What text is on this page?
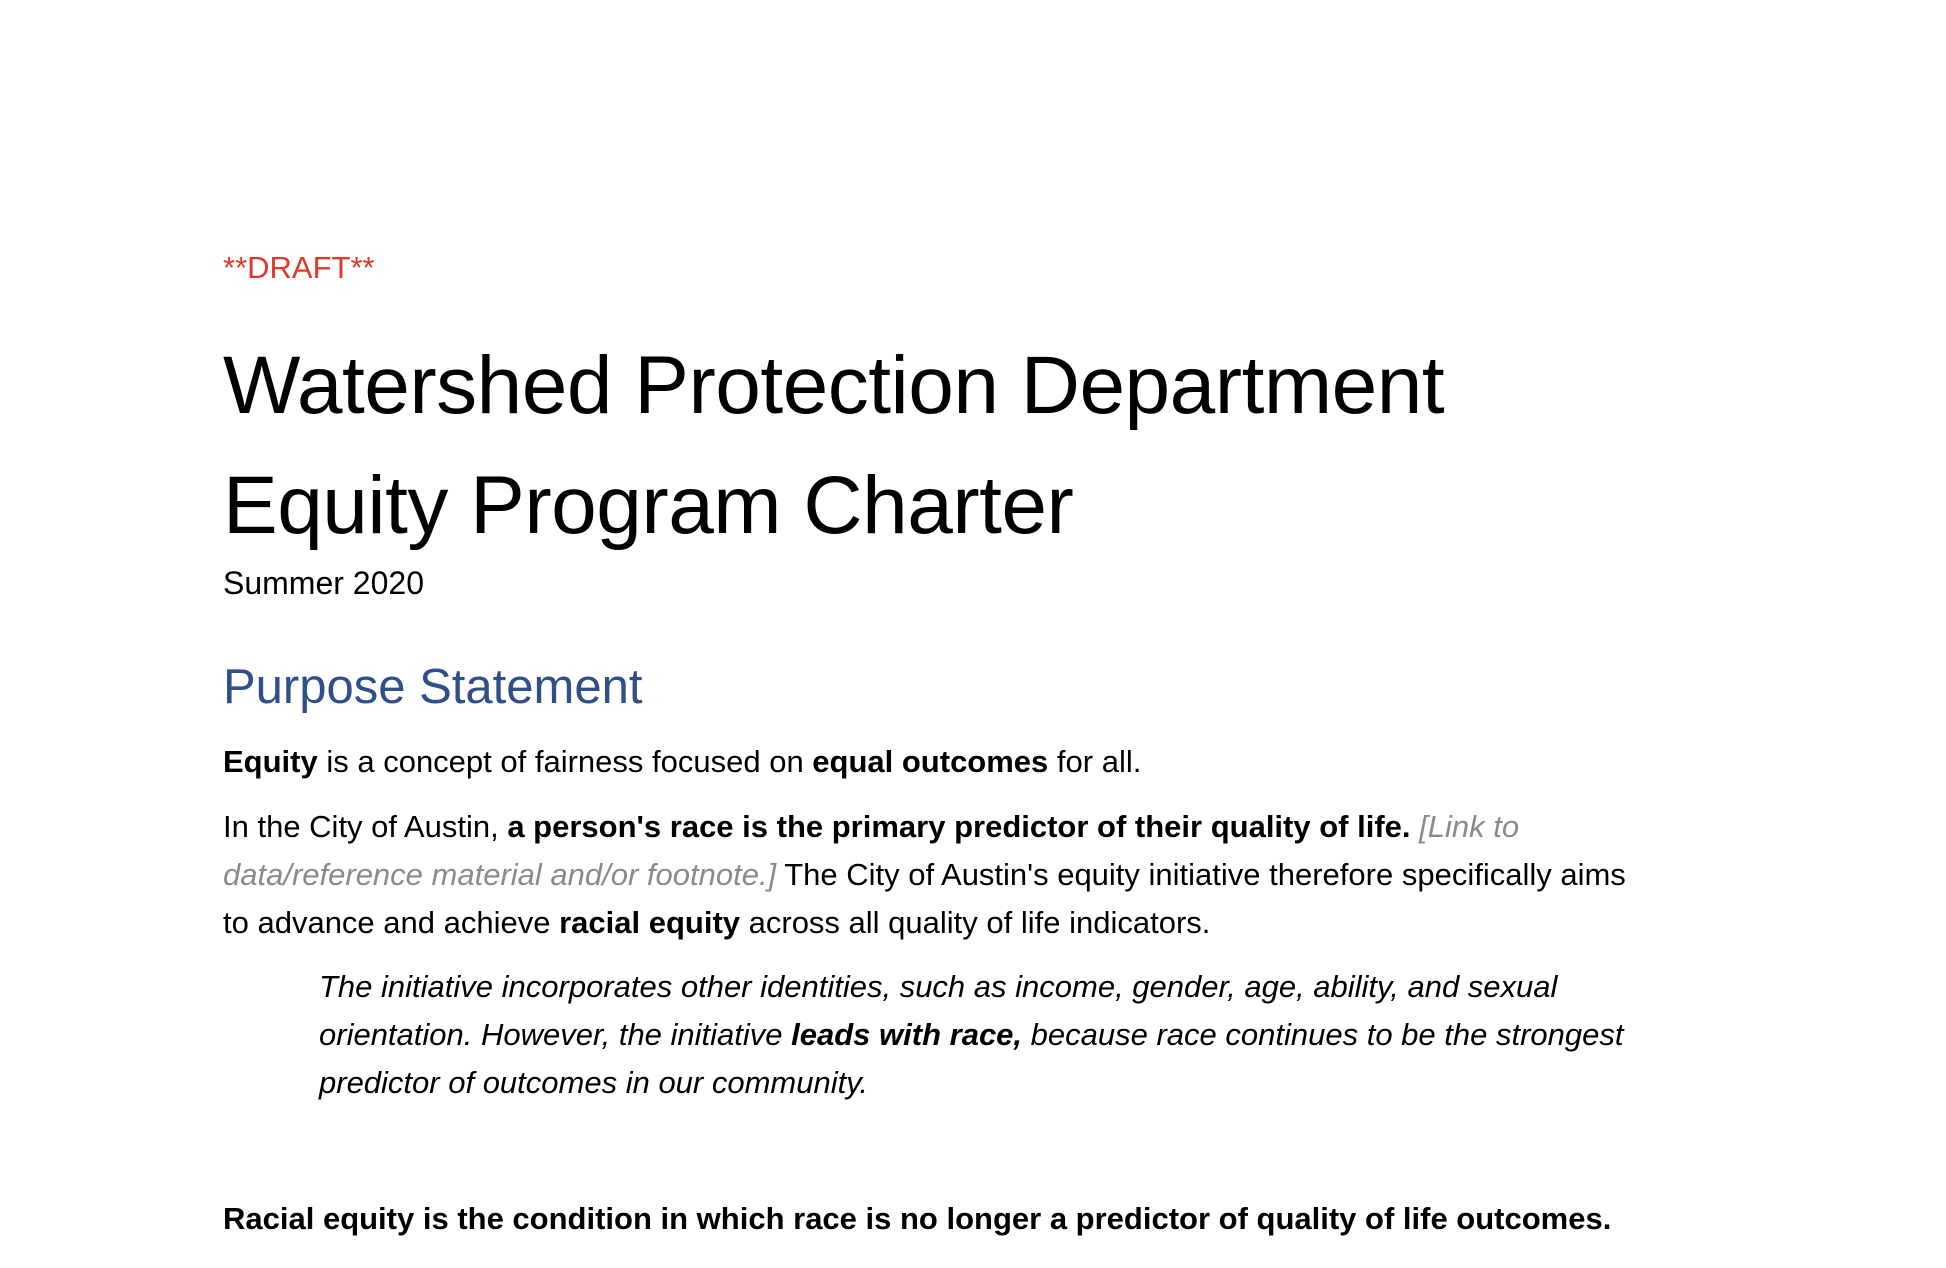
**DRAFT**
Watershed Protection Department
Equity Program Charter
Summer 2020
Purpose Statement
Equity is a concept of fairness focused on equal outcomes for all.
In the City of Austin, a person's race is the primary predictor of their quality of life. [Link to
data/reference material and/or footnote.] The City of Austin's equity initiative therefore specifically aims
to advance and achieve racial equity across all quality of life indicators.
The initiative incorporates other identities, such as income, gender, age, ability, and sexual
orientation. However, the initiative leads with race, because race continues to be the strongest
predictor of outcomes in our community.
Racial equity is the condition in which race is no longer a predictor of quality of life outcomes.
